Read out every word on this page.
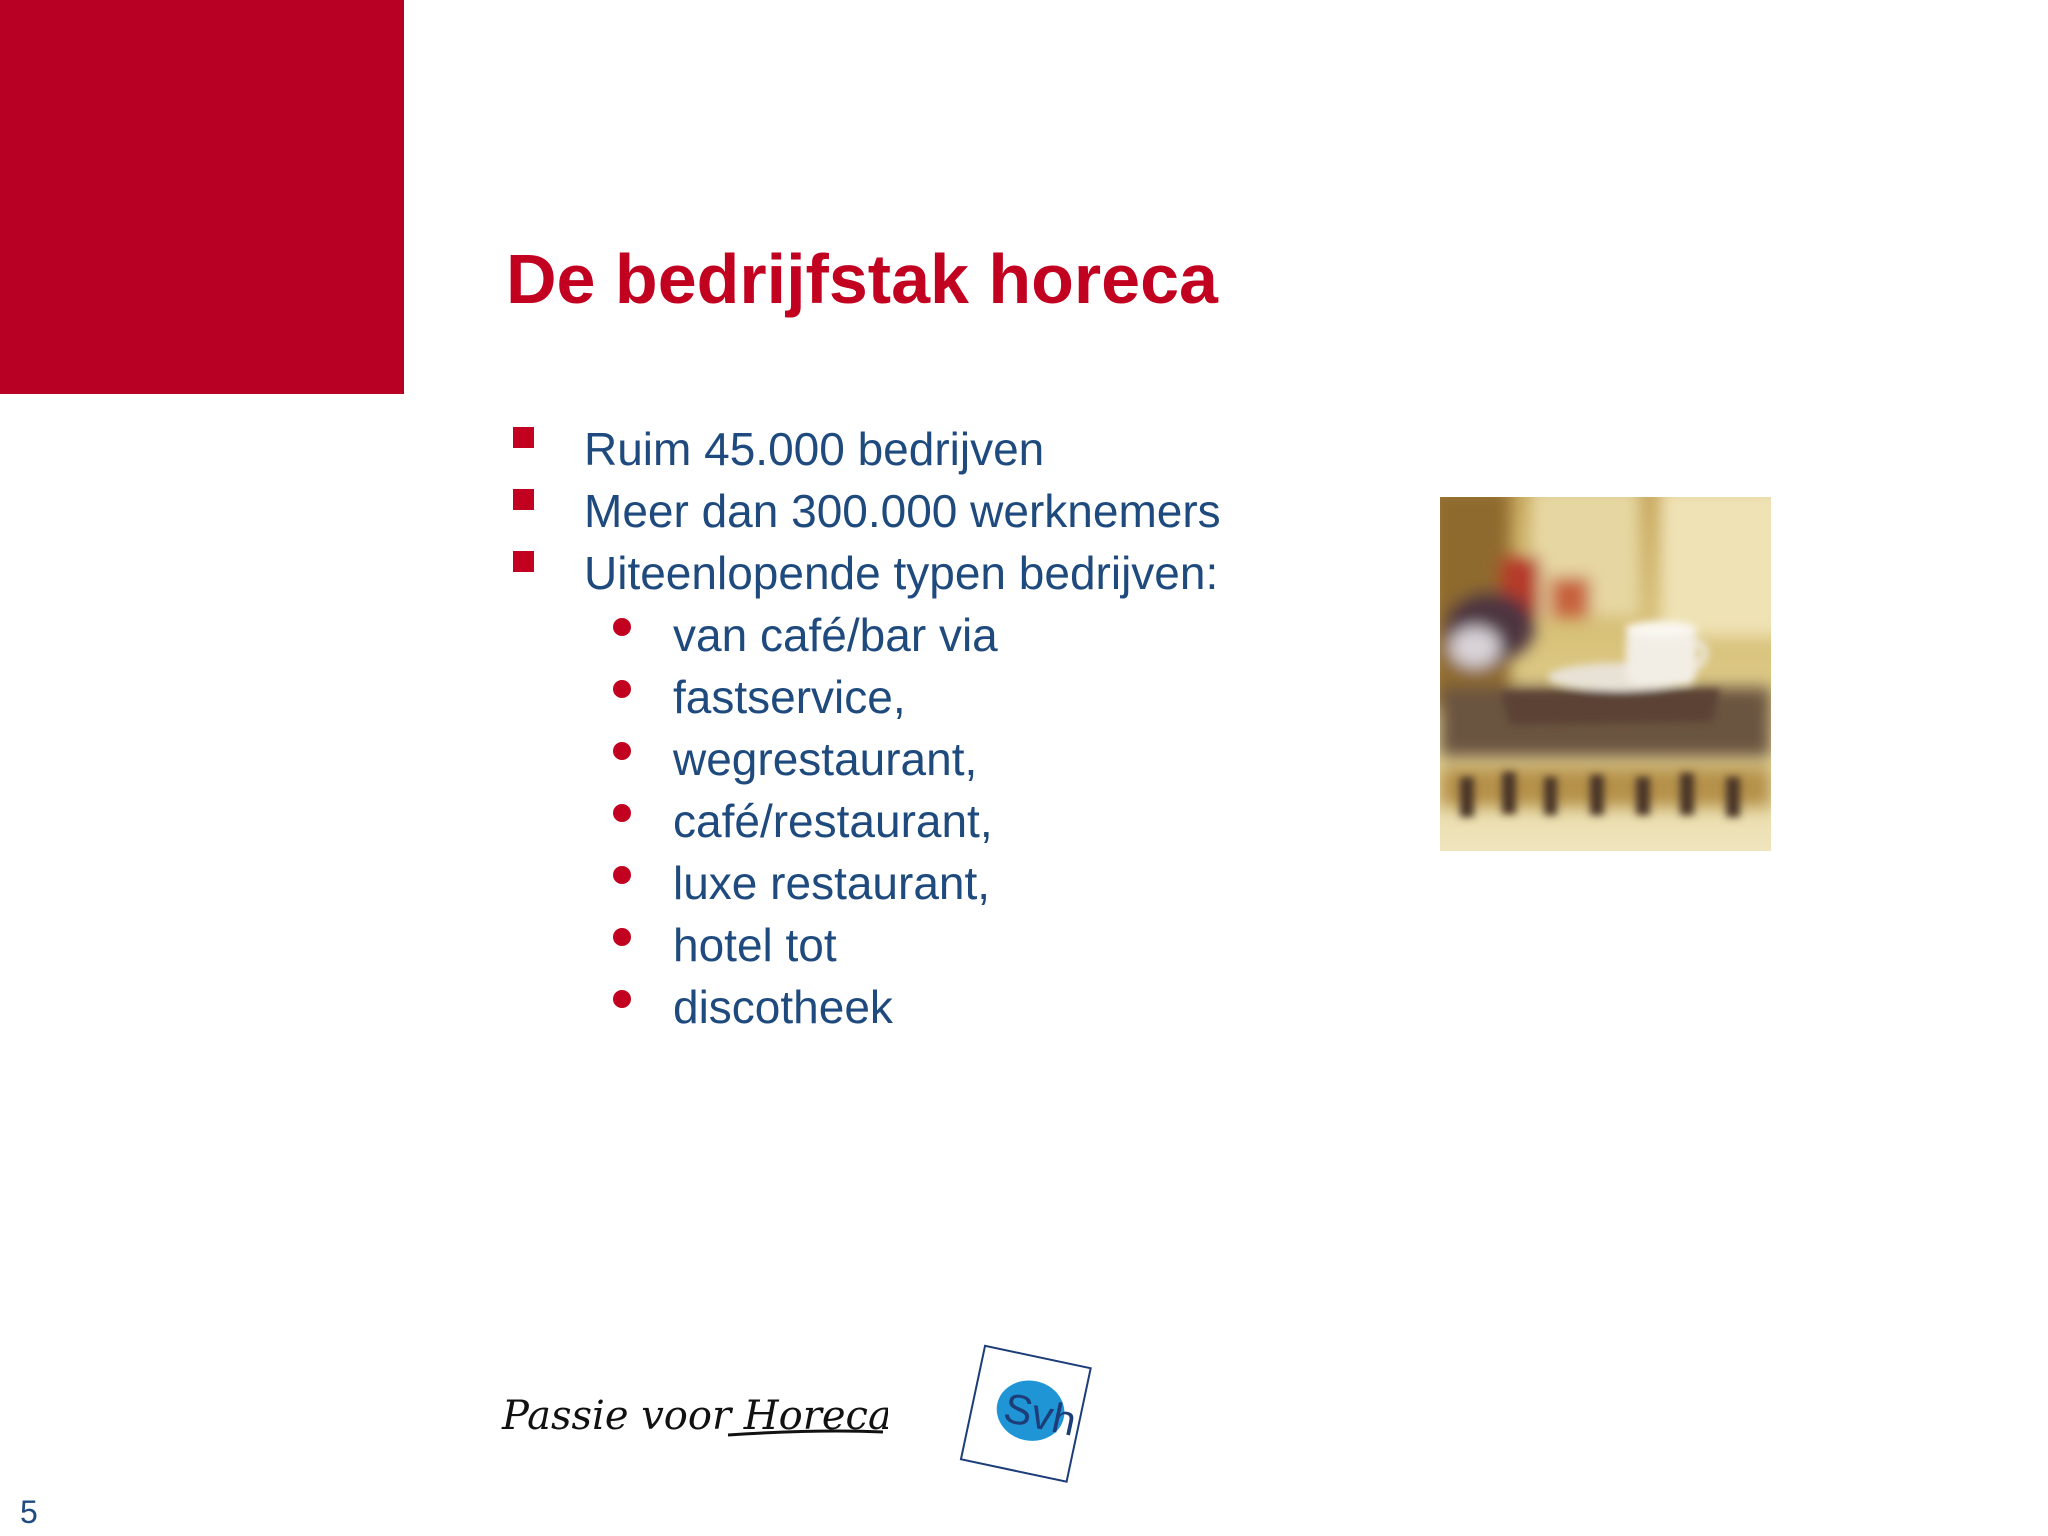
De bedrijfstak horeca
Ruim 45.000 bedrijven
Meer dan 300.000 werknemers
Uiteenlopende typen bedrijven:
van café/bar via
fastservice,
wegrestaurant,
café/restaurant,
luxe restaurant,
hotel tot
discotheek
Passie voor Horeca	Svh
5
